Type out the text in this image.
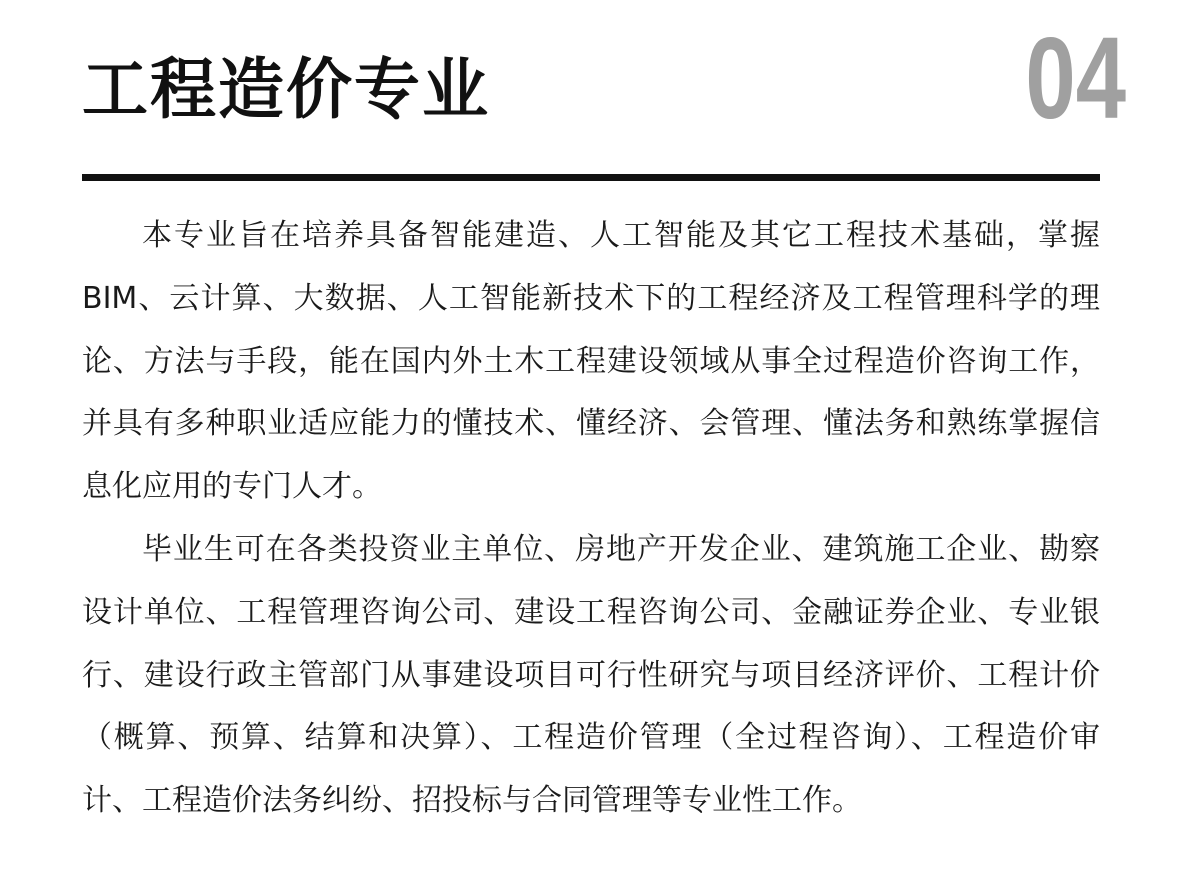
工程造价专业	04

本专业旨在培养具备智能建造、人工智能及其它工程技术基础，掌握BIM、云计算、大数据、人工智能新技术下的工程经济及工程管理科学的理论、方法与手段，能在国内外土木工程建设领域从事全过程造价咨询工作，并具有多种职业适应能力的懂技术、懂经济、会管理、懂法务和熟练掌握信息化应用的专门人才。

毕业生可在各类投资业主单位、房地产开发企业、建筑施工企业、勘察设计单位、工程管理咨询公司、建设工程咨询公司、金融证券企业、专业银行、建设行政主管部门从事建设项目可行性研究与项目经济评价、工程计价（概算、预算、结算和决算）、工程造价管理（全过程咨询）、工程造价审计、工程造价法务纠纷、招投标与合同管理等专业性工作。
